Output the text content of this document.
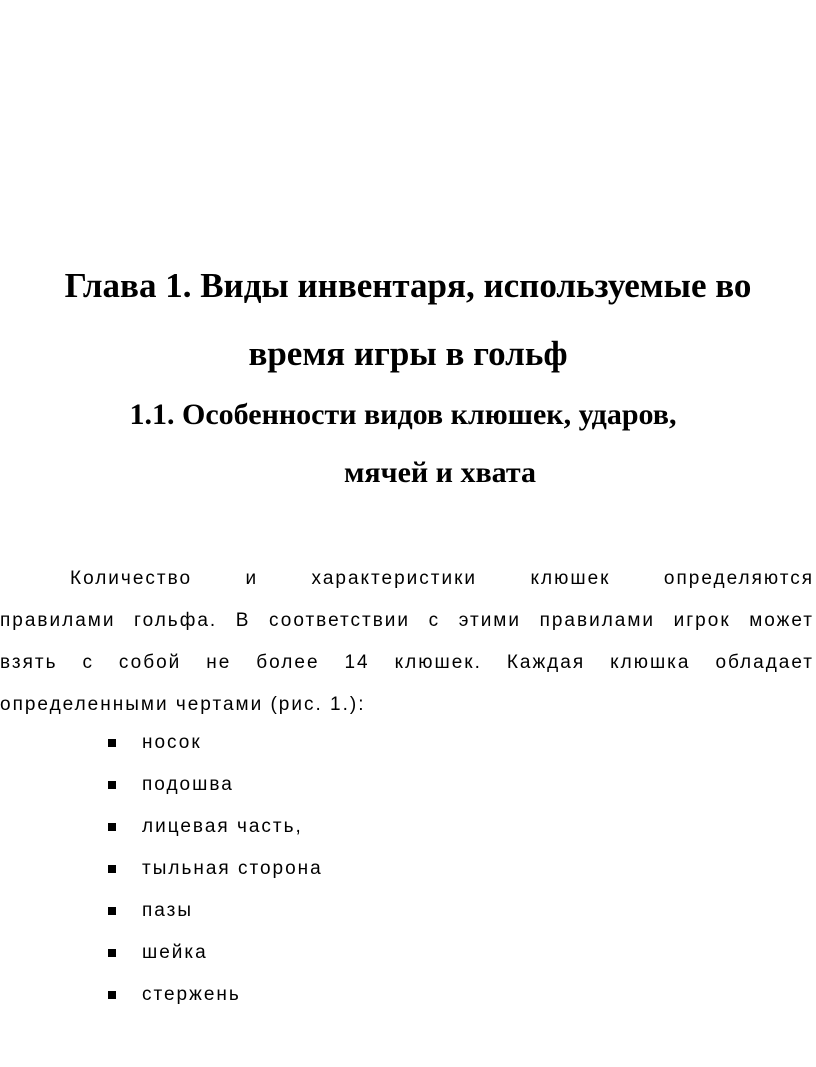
Глава 1. Виды инвентаря, используемые во
время игры в гольф
1.1. Особенности видов клюшек, ударов,
мячей и хвата

Количество и характеристики клюшек определяются
правилами гольфа. В соответствии с этими правилами игрок может
взять с собой не более 14 клюшек. Каждая клюшка обладает
определенными чертами (рис. 1.):

носок
подошва
лицевая часть,
тыльная сторона
пазы
шейка
стержень
